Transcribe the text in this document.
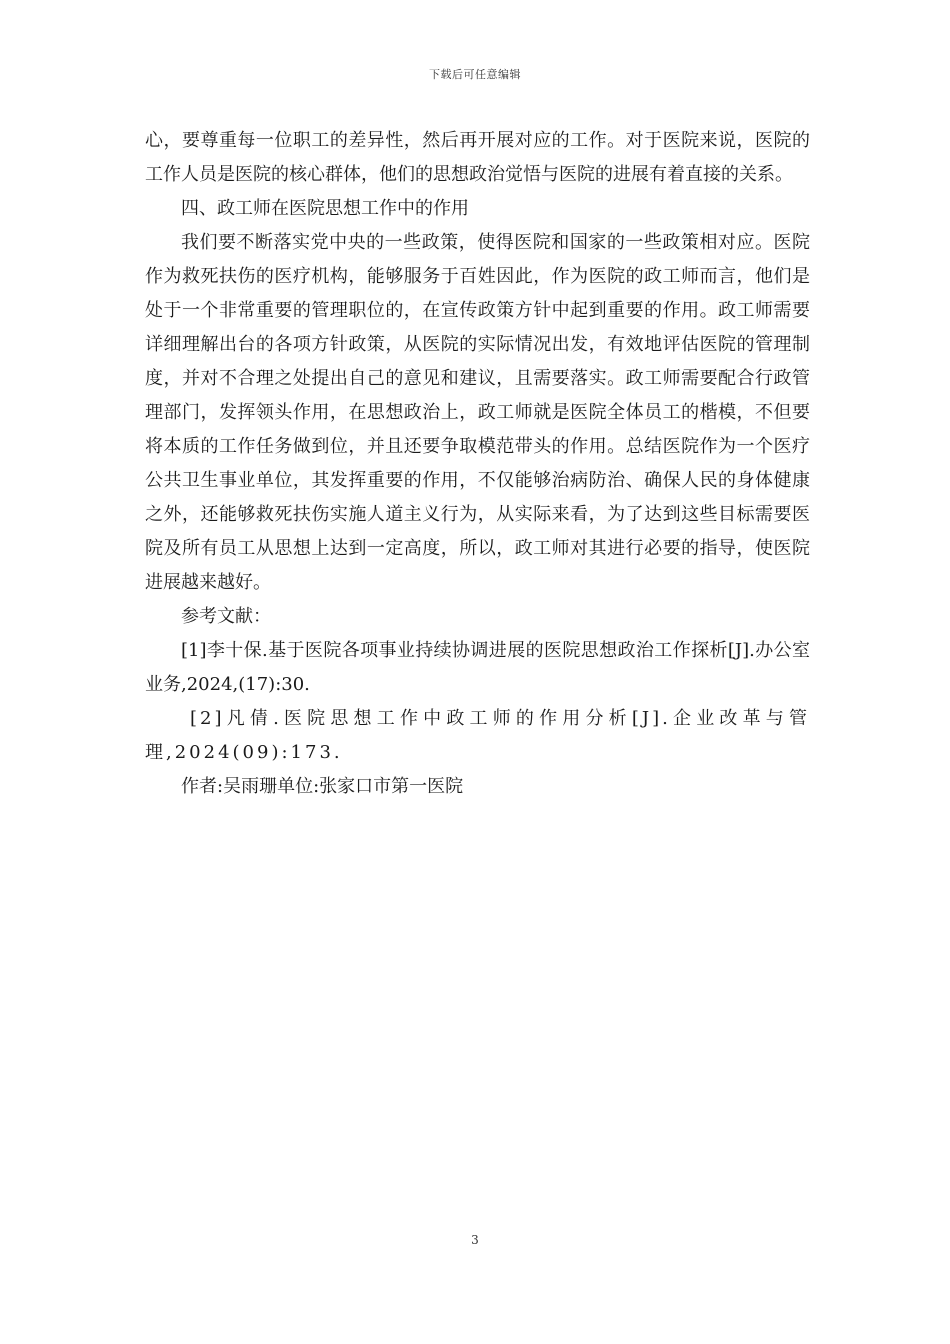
下载后可任意编辑

心，要尊重每一位职工的差异性，然后再开展对应的工作。对于医院来说，医院的工作人员是医院的核心群体，他们的思想政治觉悟与医院的进展有着直接的关系。

四、政工师在医院思想工作中的作用

我们要不断落实党中央的一些政策，使得医院和国家的一些政策相对应。医院作为救死扶伤的医疗机构，能够服务于百姓因此，作为医院的政工师而言，他们是处于一个非常重要的管理职位的，在宣传政策方针中起到重要的作用。政工师需要详细理解出台的各项方针政策，从医院的实际情况出发，有效地评估医院的管理制度，并对不合理之处提出自己的意见和建议，且需要落实。政工师需要配合行政管理部门，发挥领头作用，在思想政治上，政工师就是医院全体员工的楷模，不但要将本质的工作任务做到位，并且还要争取模范带头的作用。总结医院作为一个医疗公共卫生事业单位，其发挥重要的作用，不仅能够治病防治、确保人民的身体健康之外，还能够救死扶伤实施人道主义行为，从实际来看，为了达到这些目标需要医院及所有员工从思想上达到一定高度，所以，政工师对其进行必要的指导，使医院进展越来越好。

参考文献：

[1]李十保.基于医院各项事业持续协调进展的医院思想政治工作探析[J].办公室业务,2024,(17):30.

[2]凡倩.医院思想工作中政工师的作用分析[J].企业改革与管理,2024(09):173.

作者:吴雨珊单位:张家口市第一医院

3
